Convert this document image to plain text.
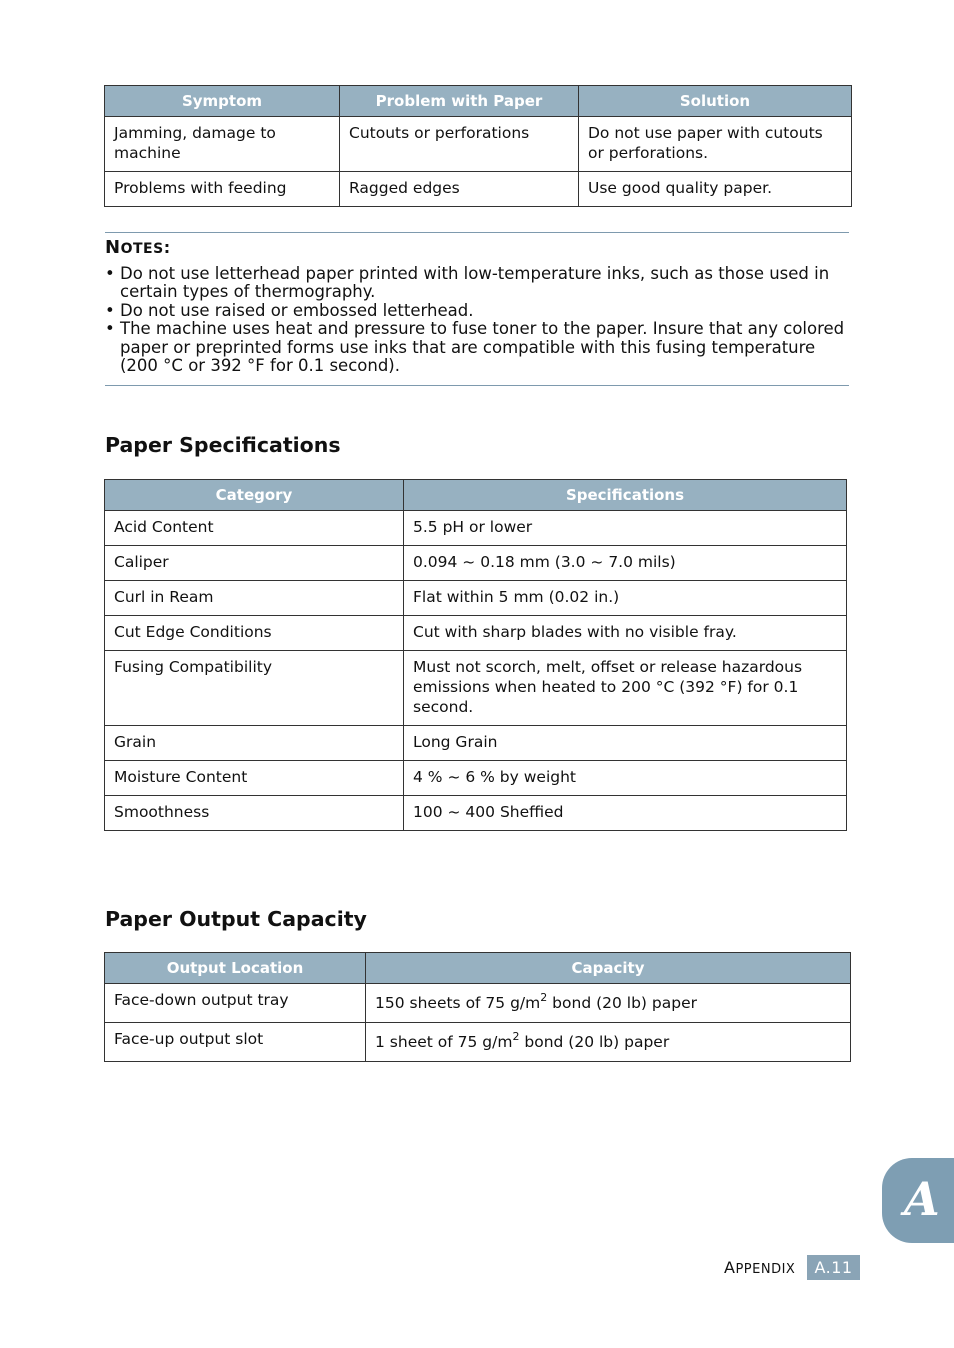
Symptom	Problem with Paper	Solution
Jamming, damage to machine	Cutouts or perforations	Do not use paper with cutouts or perforations.
Problems with feeding	Ragged edges	Use good quality paper.
NOTES:
• Do not use letterhead paper printed with low-temperature inks, such as those used in certain types of thermography.
• Do not use raised or embossed letterhead.
• The machine uses heat and pressure to fuse toner to the paper. Insure that any colored paper or preprinted forms use inks that are compatible with this fusing temperature (200 °C or 392 °F for 0.1 second).
Paper Specifications
Category	Specifications
Acid Content	5.5 pH or lower
Caliper	0.094 ~ 0.18 mm (3.0 ~ 7.0 mils)
Curl in Ream	Flat within 5 mm (0.02 in.)
Cut Edge Conditions	Cut with sharp blades with no visible fray.
Fusing Compatibility	Must not scorch, melt, offset or release hazardous emissions when heated to 200 °C (392 °F) for 0.1 second.
Grain	Long Grain
Moisture Content	4 % ~ 6 % by weight
Smoothness	100 ~ 400 Sheffied
Paper Output Capacity
Output Location	Capacity
Face-down output tray	150 sheets of 75 $g/m^2$ bond (20 lb) paper
Face-up output slot	1 sheet of 75 $g/m^2$ bond (20 lb) paper
A
APPENDIX	A.11
